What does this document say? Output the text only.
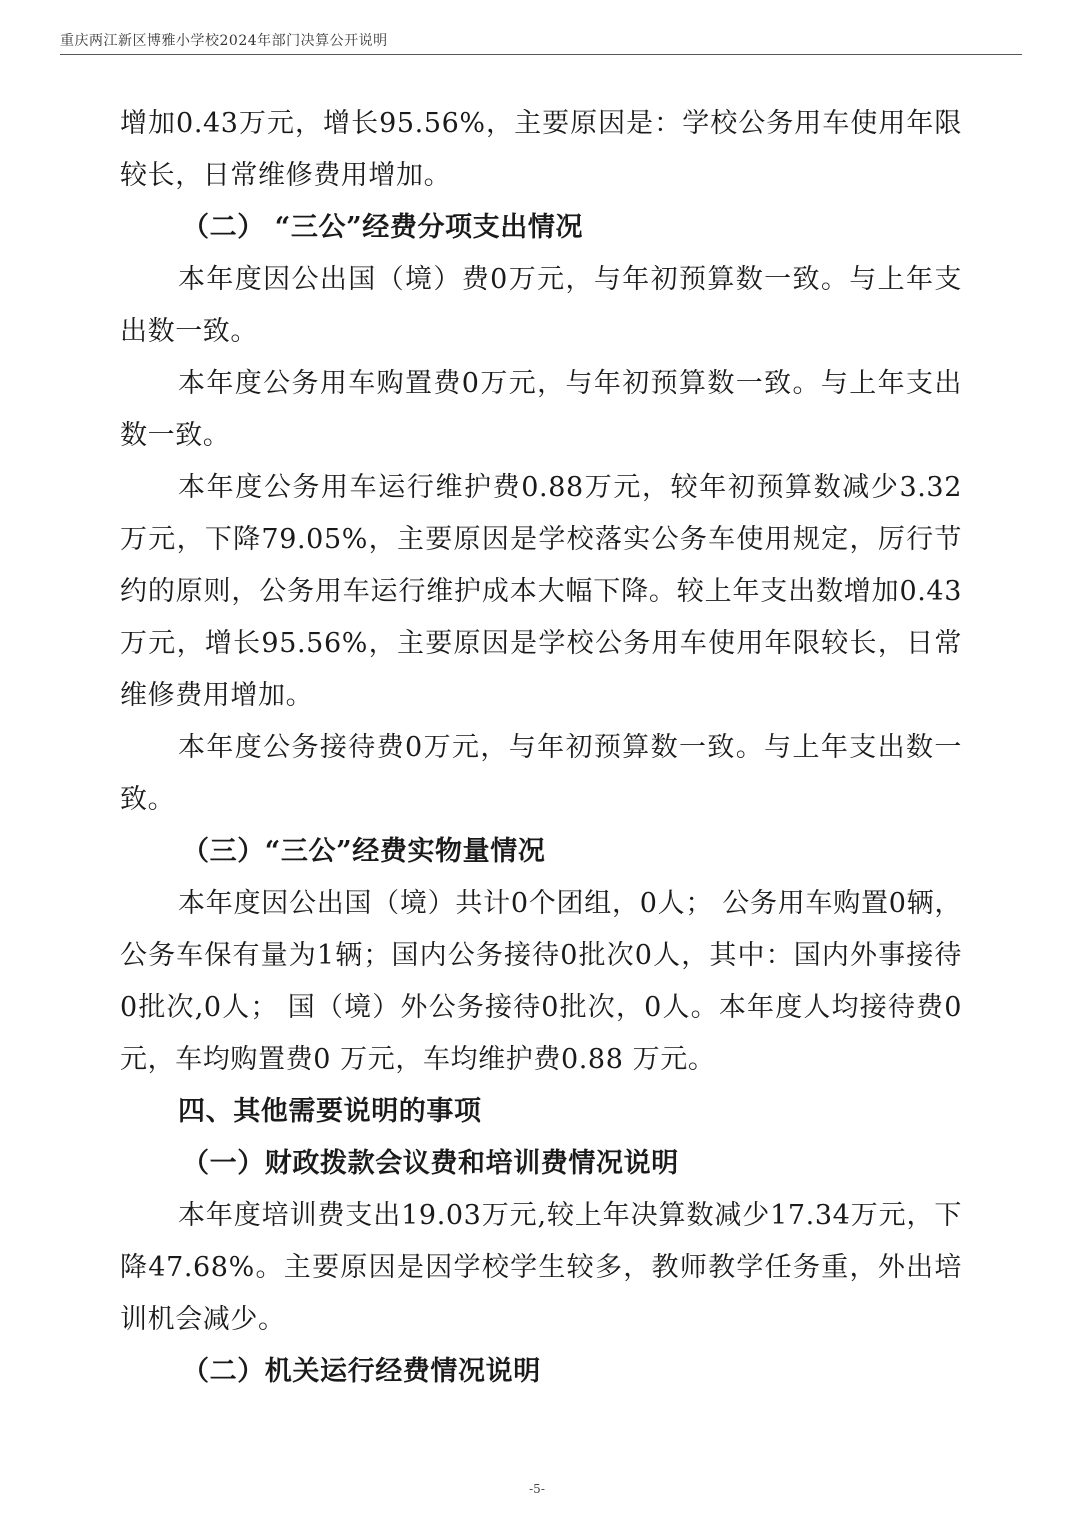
重庆两江新区博雅小学校2024年部门决算公开说明

增加0.43万元，增长95.56%，主要原因是：学校公务用车使用年限较长，日常维修费用增加。

（二） “三公”经费分项支出情况

本年度因公出国（境）费0万元，与年初预算数一致。与上年支出数一致。

本年度公务用车购置费0万元，与年初预算数一致。与上年支出数一致。

本年度公务用车运行维护费0.88万元，较年初预算数减少3.32万元，下降79.05%，主要原因是学校落实公务车使用规定，厉行节约的原则，公务用车运行维护成本大幅下降。较上年支出数增加0.43万元，增长95.56%，主要原因是学校公务用车使用年限较长，日常维修费用增加。

本年度公务接待费0万元，与年初预算数一致。与上年支出数一致。

（三）“三公”经费实物量情况

本年度因公出国（境）共计0个团组，0人； 公务用车购置0辆，公务车保有量为1辆；国内公务接待0批次0人，其中：国内外事接待0批次,0人； 国（境）外公务接待0批次，0人。本年度人均接待费0元，车均购置费0 万元，车均维护费0.88 万元。

四、其他需要说明的事项

（一）财政拨款会议费和培训费情况说明

本年度培训费支出19.03万元,较上年决算数减少17.34万元，下降47.68%。主要原因是因学校学生较多，教师教学任务重，外出培训机会减少。

（二）机关运行经费情况说明

-5-
